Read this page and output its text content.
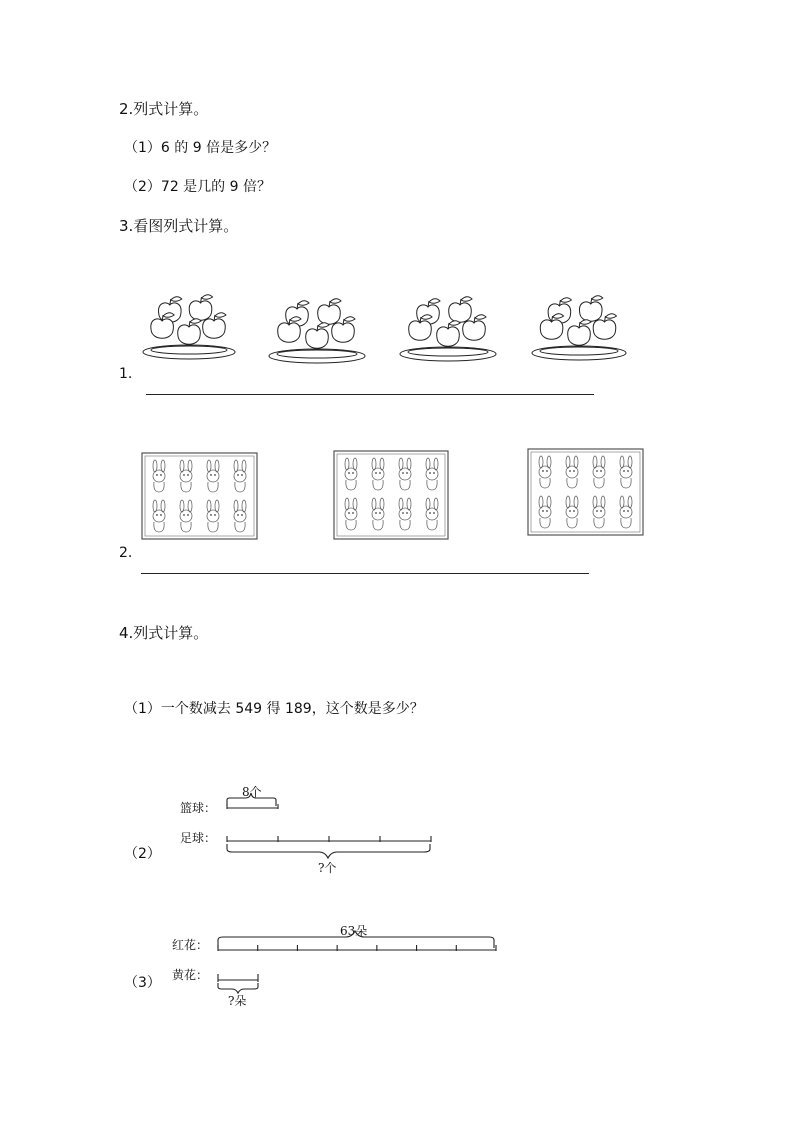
2.列式计算。
（1）6 的 9 倍是多少？
（2）72 是几的 9 倍？
3.看图列式计算。
1.
2.
4.列式计算。
（1）一个数减去 549 得 189，这个数是多少？
（2）
8个
篮球：
足球：
?个
（3）
63朵
红花：
黄花：
?朵
